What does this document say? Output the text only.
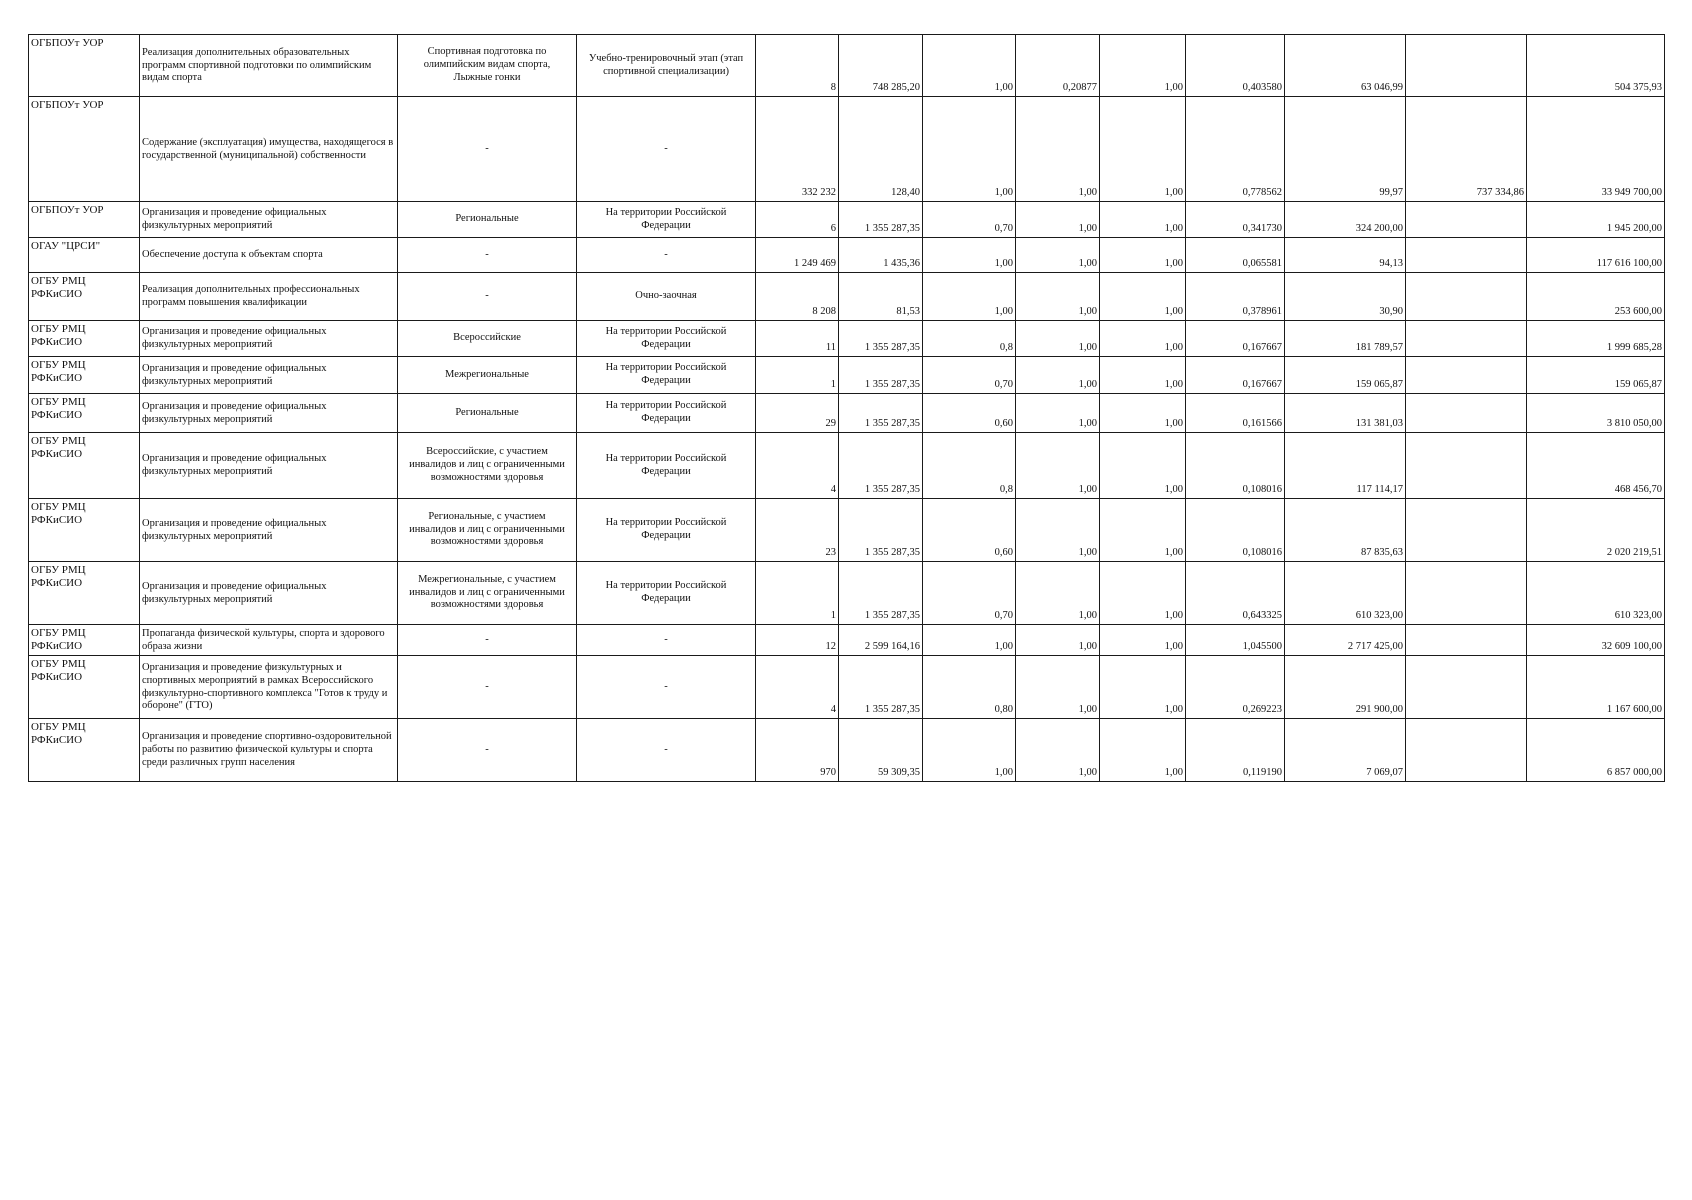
ОГБПОУт УОР	Реализация дополнительных образовательных программ спортивной подготовки по олимпийским видам спорта	Спортивная подготовка по олимпийским видам спорта, Лыжные гонки	Учебно-тренировочный этап (этап спортивной специализации)	8	748 285,20	1,00	0,20877	1,00	0,403580	63 046,99		504 375,93
ОГБПОУт УОР	Содержание (эксплуатация) имущества, находящегося в государственной (муниципальной) собственности	-	-	332 232	128,40	1,00	1,00	1,00	0,778562	99,97	737 334,86	33 949 700,00
ОГБПОУт УОР	Организация и проведение официальных физкультурных мероприятий	Региональные	На территории Российской Федерации	6	1 355 287,35	0,70	1,00	1,00	0,341730	324 200,00		1 945 200,00
ОГАУ "ЦРСИ"	Обеспечение доступа к объектам спорта	-	-	1 249 469	1 435,36	1,00	1,00	1,00	0,065581	94,13		117 616 100,00
ОГБУ РМЦ РФКиСИО	Реализация дополнительных профессиональных программ повышения квалификации	-	Очно-заочная	8 208	81,53	1,00	1,00	1,00	0,378961	30,90		253 600,00
ОГБУ РМЦ РФКиСИО	Организация и проведение официальных физкультурных мероприятий	Всероссийские	На территории Российской Федерации	11	1 355 287,35	0,8	1,00	1,00	0,167667	181 789,57		1 999 685,28
ОГБУ РМЦ РФКиСИО	Организация и проведение официальных физкультурных мероприятий	Межрегиональные	На территории Российской Федерации	1	1 355 287,35	0,70	1,00	1,00	0,167667	159 065,87		159 065,87
ОГБУ РМЦ РФКиСИО	Организация и проведение официальных физкультурных мероприятий	Региональные	На территории Российской Федерации	29	1 355 287,35	0,60	1,00	1,00	0,161566	131 381,03		3 810 050,00
ОГБУ РМЦ РФКиСИО	Организация и проведение официальных физкультурных мероприятий	Всероссийские, с участием инвалидов и лиц с ограниченными возможностями здоровья	На территории Российской Федерации	4	1 355 287,35	0,8	1,00	1,00	0,108016	117 114,17		468 456,70
ОГБУ РМЦ РФКиСИО	Организация и проведение официальных физкультурных мероприятий	Региональные, с участием инвалидов и лиц с ограниченными возможностями здоровья	На территории Российской Федерации	23	1 355 287,35	0,60	1,00	1,00	0,108016	87 835,63		2 020 219,51
ОГБУ РМЦ РФКиСИО	Организация и проведение официальных физкультурных мероприятий	Межрегиональные, с участием инвалидов и лиц с ограниченными возможностями здоровья	На территории Российской Федерации	1	1 355 287,35	0,70	1,00	1,00	0,643325	610 323,00		610 323,00
ОГБУ РМЦ РФКиСИО	Пропаганда физической культуры, спорта и здорового образа жизни	-	-	12	2 599 164,16	1,00	1,00	1,00	1,045500	2 717 425,00		32 609 100,00
ОГБУ РМЦ РФКиСИО	Организация и проведение физкультурных и спортивных мероприятий в рамках Всероссийского физкультурно-спортивного комплекса "Готов к труду и обороне" (ГТО)	-	-	4	1 355 287,35	0,80	1,00	1,00	0,269223	291 900,00		1 167 600,00
ОГБУ РМЦ РФКиСИО	Организация и проведение спортивно-оздоровительной работы по развитию физической культуры и спорта среди различных групп населения	-	-	970	59 309,35	1,00	1,00	1,00	0,119190	7 069,07		6 857 000,00
